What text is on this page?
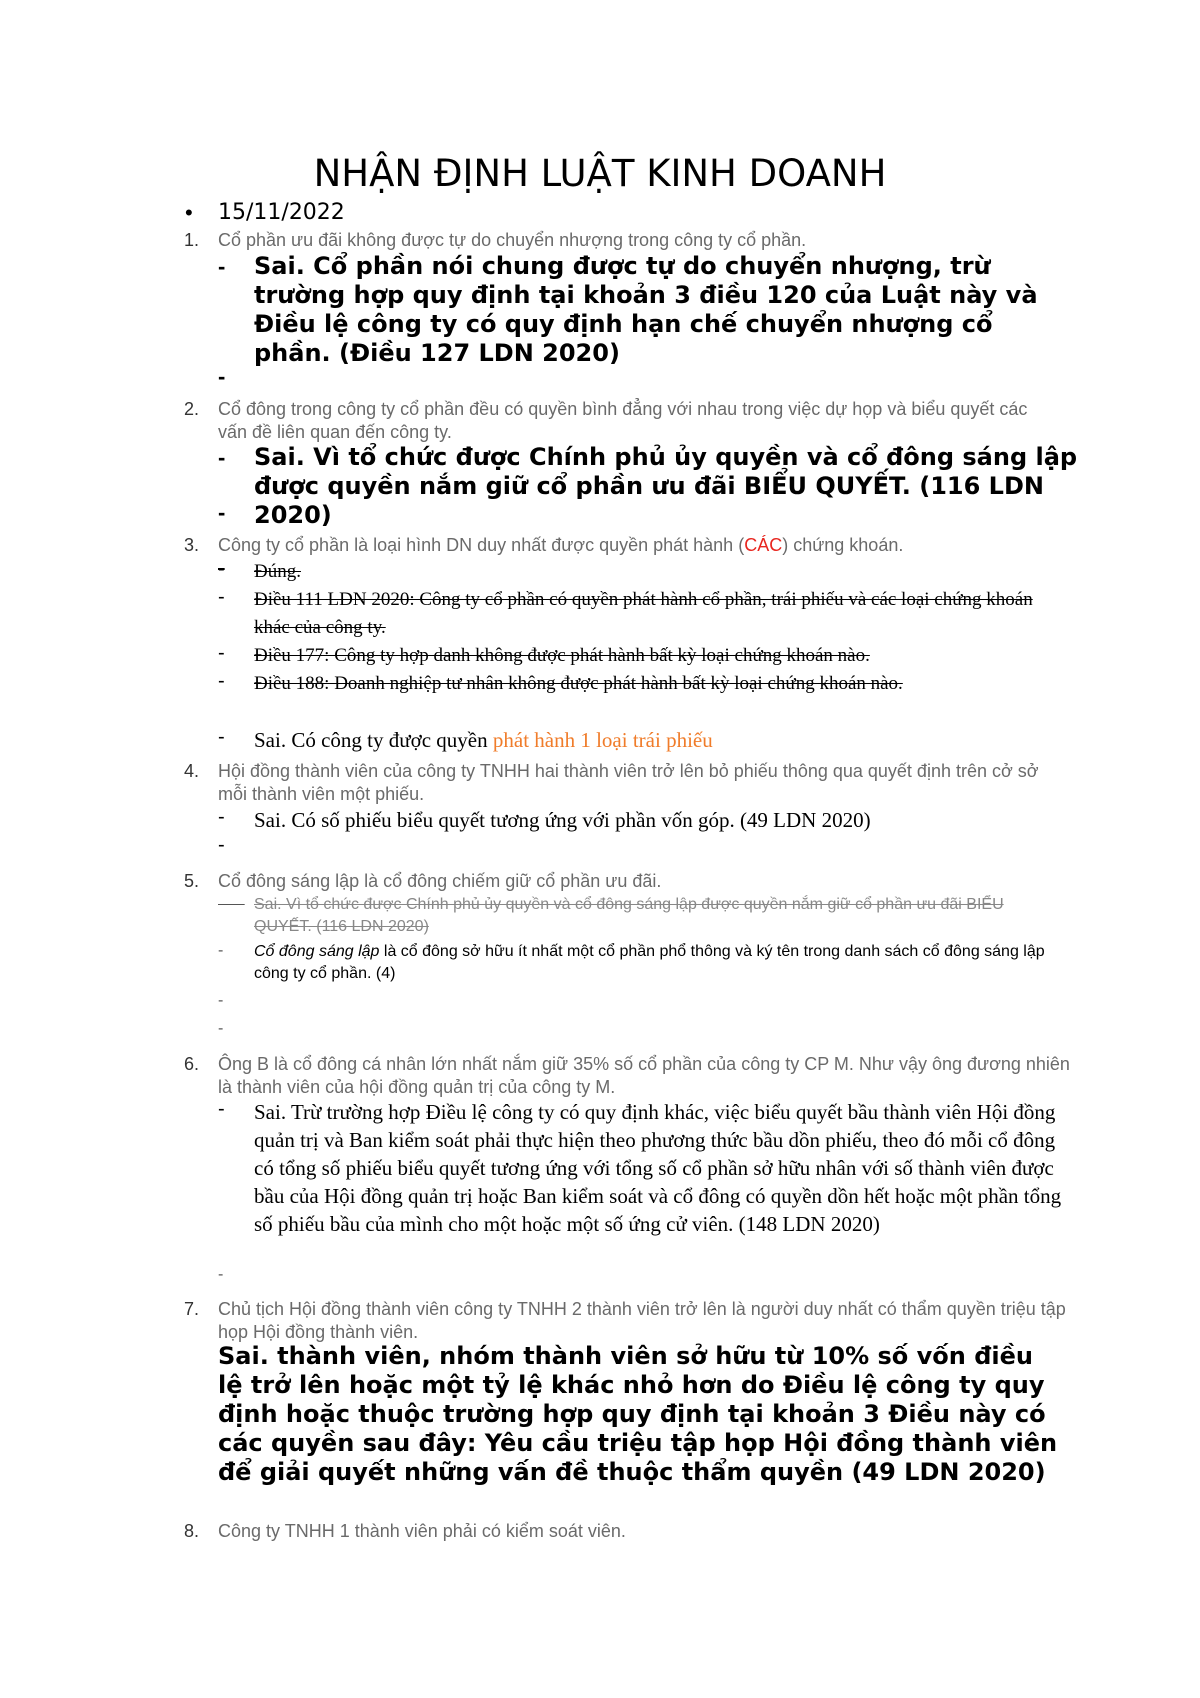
NHẬN ĐỊNH LUẬT KINH DOANH
• 15/11/2022
1. Cổ phần ưu đãi không được tự do chuyển nhượng trong công ty cổ phần.
- Sai. Cổ phần nói chung được tự do chuyển nhượng, trừ trường hợp quy định tại khoản 3 điều 120 của Luật này và Điều lệ công ty có quy định hạn chế chuyển nhượng cổ phần. (Điều 127 LDN 2020)
-
2. Cổ đông trong công ty cổ phần đều có quyền bình đẳng với nhau trong việc dự họp và biểu quyết các vấn đề liên quan đến công ty.
- Sai. Vì tổ chức được Chính phủ ủy quyền và cổ đông sáng lập được quyền nắm giữ cổ phần ưu đãi BIỂU QUYẾT. (116 LDN 2020)
-
3. Công ty cổ phần là loại hình DN duy nhất được quyền phát hành (CÁC) chứng khoán.
- Đúng.
- Điều 111 LDN 2020: Công ty cổ phần có quyền phát hành cổ phần, trái phiếu và các loại chứng khoán khác của công ty.
- Điều 177: Công ty hợp danh không được phát hành bất kỳ loại chứng khoán nào.
- Điều 188: Doanh nghiệp tư nhân không được phát hành bất kỳ loại chứng khoán nào.
- Sai. Có công ty được quyền phát hành 1 loại trái phiếu
4. Hội đồng thành viên của công ty TNHH hai thành viên trở lên bỏ phiếu thông qua quyết định trên cở sở mỗi thành viên một phiếu.
- Sai. Có số phiếu biểu quyết tương ứng với phần vốn góp. (49 LDN 2020)
-
5. Cổ đông sáng lập là cổ đông chiếm giữ cổ phần ưu đãi.

Sai. Vì tổ chức được Chính phủ ủy quyền và cổ đông sáng lập được quyền nắm giữ cổ phần ưu đãi BIỂU QUYẾT. (116 LDN 2020)
- Cổ đông sáng lập là cổ đông sở hữu ít nhất một cổ phần phổ thông và ký tên trong danh sách cổ đông sáng lập công ty cổ phần. (4)
-
-
6. Ông B là cổ đông cá nhân lớn nhất nắm giữ 35% số cổ phần của công ty CP M. Như vậy ông đương nhiên là thành viên của hội đồng quản trị của công ty M.
- Sai. Trừ trường hợp Điều lệ công ty có quy định khác, việc biểu quyết bầu thành viên Hội đồng quản trị và Ban kiểm soát phải thực hiện theo phương thức bầu dồn phiếu, theo đó mỗi cổ đông có tổng số phiếu biểu quyết tương ứng với tổng số cổ phần sở hữu nhân với số thành viên được bầu của Hội đồng quản trị hoặc Ban kiểm soát và cổ đông có quyền dồn hết hoặc một phần tổng số phiếu bầu của mình cho một hoặc một số ứng cử viên. (148 LDN 2020)
-
7. Chủ tịch Hội đồng thành viên công ty TNHH 2 thành viên trở lên là người duy nhất có thẩm quyền triệu tập họp Hội đồng thành viên.
Sai. thành viên, nhóm thành viên sở hữu từ 10% số vốn điều lệ trở lên hoặc một tỷ lệ khác nhỏ hơn do Điều lệ công ty quy định hoặc thuộc trường hợp quy định tại khoản 3 Điều này có các quyền sau đây: Yêu cầu triệu tập họp Hội đồng thành viên để giải quyết những vấn đề thuộc thẩm quyền (49 LDN 2020)
8. Công ty TNHH 1 thành viên phải có kiểm soát viên.
